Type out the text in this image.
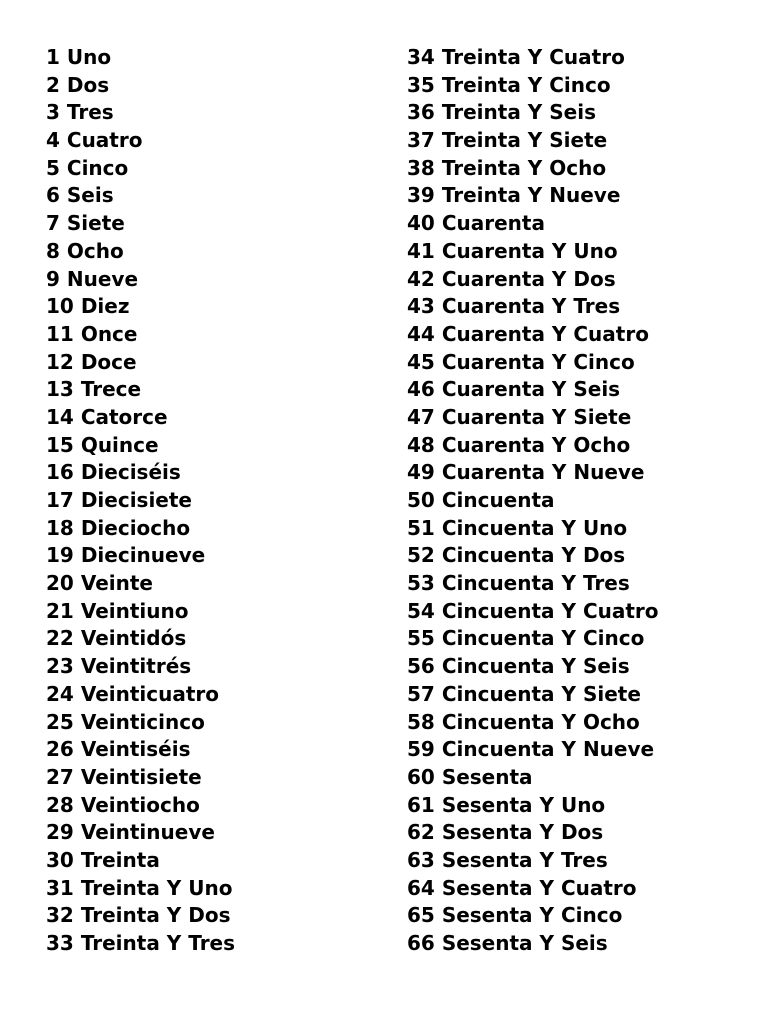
1 Uno
2 Dos
3 Tres
4 Cuatro
5 Cinco
6 Seis
7 Siete
8 Ocho
9 Nueve
10 Diez
11 Once
12 Doce
13 Trece
14 Catorce
15 Quince
16 Dieciséis
17 Diecisiete
18 Dieciocho
19 Diecinueve
20 Veinte
21 Veintiuno
22 Veintidós
23 Veintitrés
24 Veinticuatro
25 Veinticinco
26 Veintiséis
27 Veintisiete
28 Veintiocho
29 Veintinueve
30 Treinta
31 Treinta Y Uno
32 Treinta Y Dos
33 Treinta Y Tres
34 Treinta Y Cuatro
35 Treinta Y Cinco
36 Treinta Y Seis
37 Treinta Y Siete
38 Treinta Y Ocho
39 Treinta Y Nueve
40 Cuarenta
41 Cuarenta Y Uno
42 Cuarenta Y Dos
43 Cuarenta Y Tres
44 Cuarenta Y Cuatro
45 Cuarenta Y Cinco
46 Cuarenta Y Seis
47 Cuarenta Y Siete
48 Cuarenta Y Ocho
49 Cuarenta Y Nueve
50 Cincuenta
51 Cincuenta Y Uno
52 Cincuenta Y Dos
53 Cincuenta Y Tres
54 Cincuenta Y Cuatro
55 Cincuenta Y Cinco
56 Cincuenta Y Seis
57 Cincuenta Y Siete
58 Cincuenta Y Ocho
59 Cincuenta Y Nueve
60 Sesenta
61 Sesenta Y Uno
62 Sesenta Y Dos
63 Sesenta Y Tres
64 Sesenta Y Cuatro
65 Sesenta Y Cinco
66 Sesenta Y Seis
